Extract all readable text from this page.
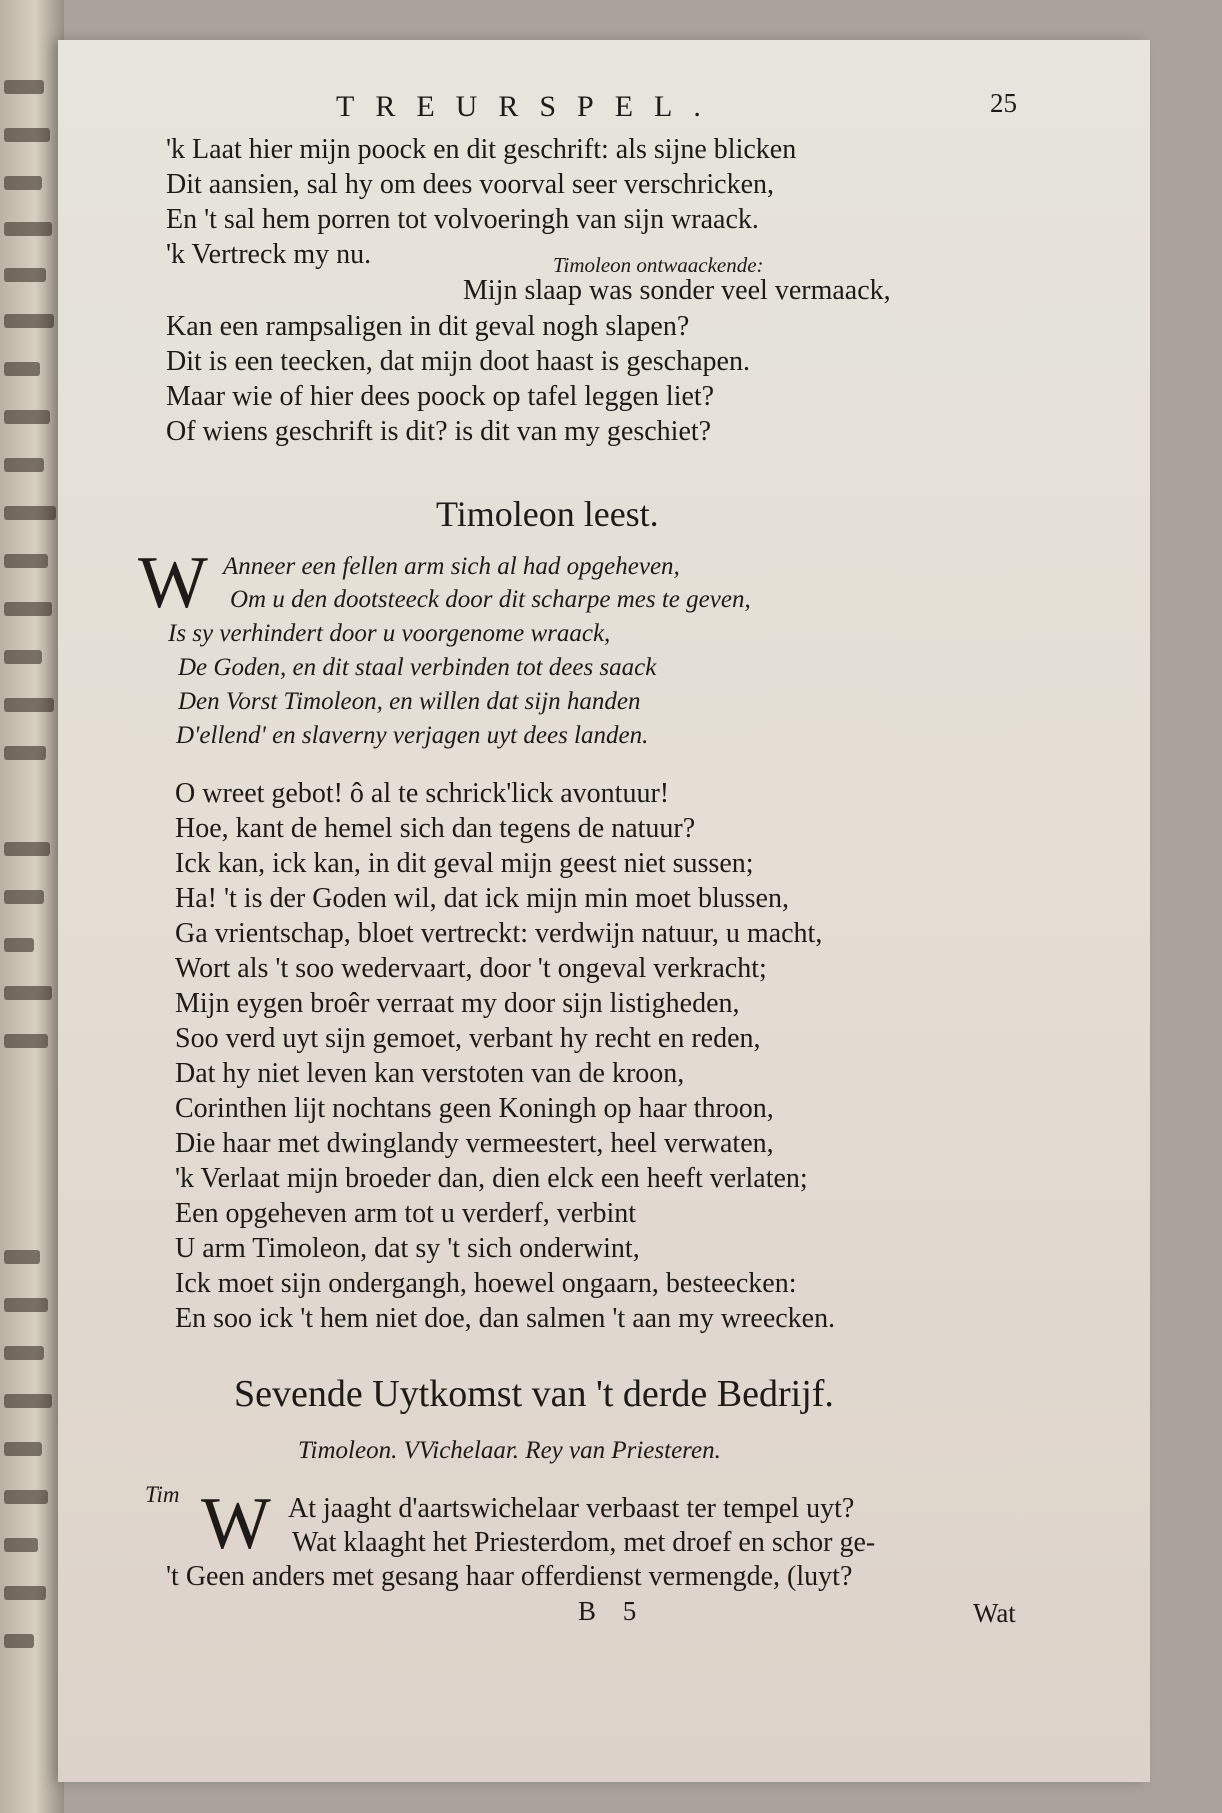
TREURSPEL.	25
'k Laat hier mijn poock en dit geschrift: als sijne blicken
Dit aansien, sal hy om dees voorval seer verschricken,
En 't sal hem porren tot volvoeringh van sijn wraack.
'k Vertreck my nu.	Timoleon ontwaackende:
Mijn slaap was sonder veel vermaack,
Kan een rampsaligen in dit geval nogh slapen?
Dit is een teecken, dat mijn doot haast is geschapen.
Maar wie of hier dees poock op tafel leggen liet?
Of wiens geschrift is dit? is dit van my geschiet?
Timoleon leest.
W Anneer een fellen arm sich al had opgeheven,
Om u den dootsteeck door dit scharpe mes te geven,
Is sy verhindert door u voorgenome wraack,
De Goden, en dit staal verbinden tot dees saack
Den Vorst Timoleon, en willen dat sijn handen
D'ellend' en slaverny verjagen uyt dees landen.
O wreet gebot! ô al te schrick'lick avontuur!
Hoe, kant de hemel sich dan tegens de natuur?
Ick kan, ick kan, in dit geval mijn geest niet sussen;
Ha! 't is der Goden wil, dat ick mijn min moet blussen,
Ga vrientschap, bloet vertreckt: verdwijn natuur, u macht,
Wort als 't soo wedervaart, door 't ongeval verkracht;
Mijn eygen broêr verraat my door sijn listigheden,
Soo verd uyt sijn gemoet, verbant hy recht en reden,
Dat hy niet leven kan verstoten van de kroon,
Corinthen lijt nochtans geen Koningh op haar throon,
Die haar met dwinglandy vermeestert, heel verwaten,
'k Verlaat mijn broeder dan, dien elck een heeft verlaten;
Een opgeheven arm tot u verderf, verbint
U arm Timoleon, dat sy 't sich onderwint,
Ick moet sijn ondergangh, hoewel ongaarn, besteecken:
En soo ick 't hem niet doe, dan salmen 't aan my wreecken.
Sevende Uytkomst van 't derde Bedrijf.
Timoleon. VVichelaar. Rey van Priesteren.
Tim W At jaaght d'aartswichelaar verbaast ter tempel uyt?
Wat klaaght het Priesterdom, met droef en schor ge-
't Geen anders met gesang haar offerdienst vermengde, (luyt?
B 5	Wat
